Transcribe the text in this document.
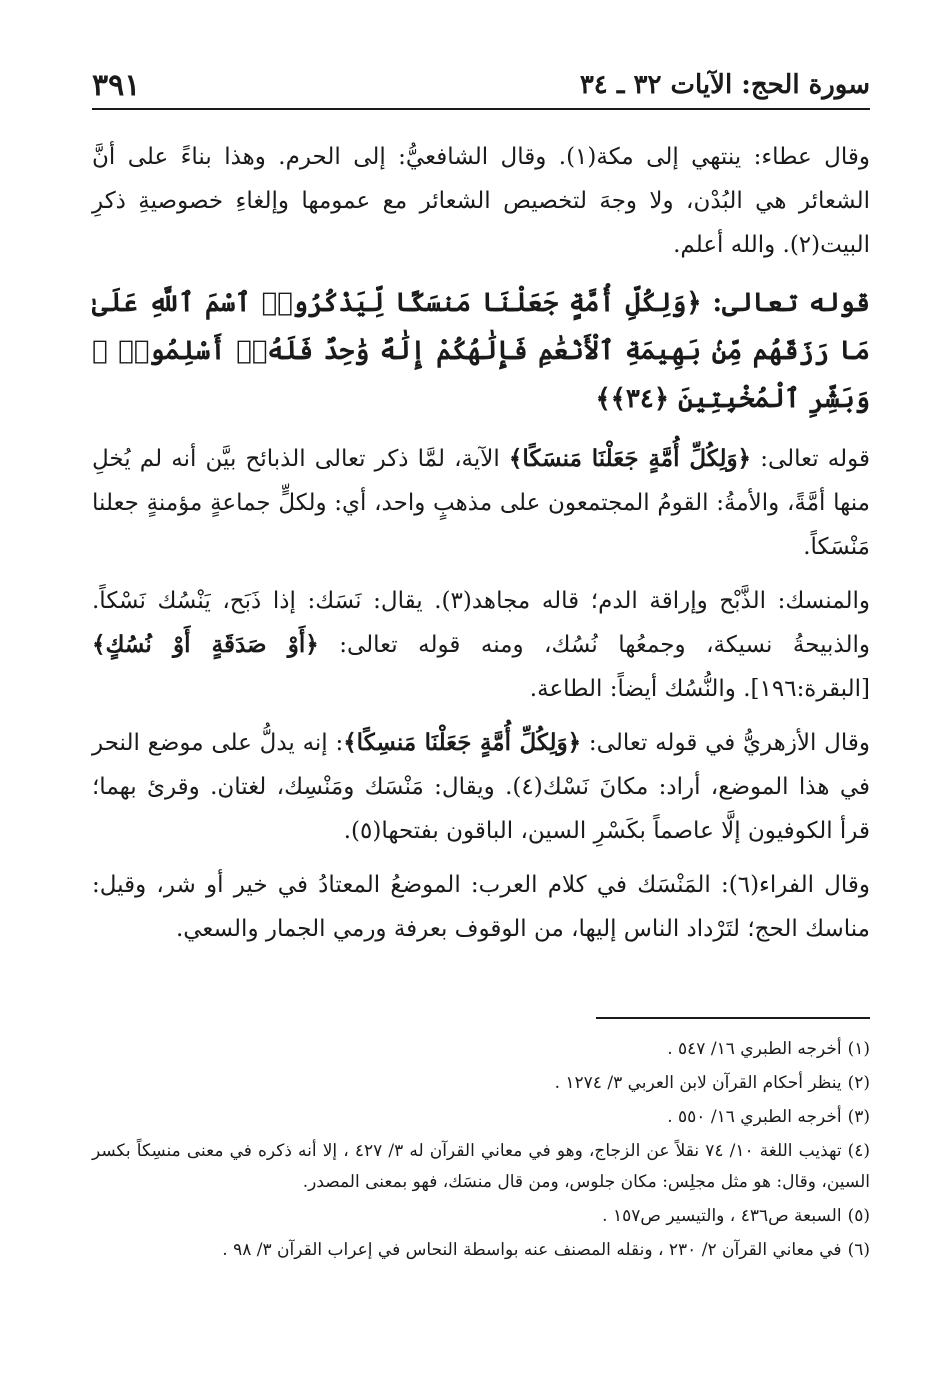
سورة الحج: الآيات ٣٢ ـ ٣٤
٣٩١

وقال عطاء: ينتهي إلى مكة(١). وقال الشافعيُّ: إلى الحرم. وهذا بناءً على أنَّ الشعائر هي البُدْن، ولا وجهَ لتخصيص الشعائر مع عمومها وإلغاءِ خصوصيةِ ذكرِ البيت(٢). والله أعلم.

قوله تعالى: ﴿وَلِكُلِّ أُمَّةٍ جَعَلْنَا مَنسَكًا لِّيَذْكُرُوا۟ ٱسْمَ ٱللَّهِ عَلَىٰ مَا رَزَقَهُم مِّنۢ بَهِيمَةِ ٱلْأَنْعَٰمِ فَإِلَٰهُكُمْ إِلَٰهٌ وَٰحِدٌ فَلَهُۥٓ أَسْلِمُوا۟ ۗ وَبَشِّرِ ٱلْمُخْبِتِينَ ﴿٣٤﴾﴾

قوله تعالى: ﴿وَلِكُلِّ أُمَّةٍ جَعَلْنَا مَنسَكًا﴾ الآية، لمَّا ذكر تعالى الذبائح بيَّن أنه لم يُخلِ منها أمَّةً، والأمةُ: القومُ المجتمعون على مذهبٍ واحد، أي: ولكلٍّ جماعةٍ مؤمنةٍ جعلنا مَنْسَكاً.

والمنسك: الذَّبْح وإراقة الدم؛ قاله مجاهد(٣). يقال: نَسَك: إذا ذَبَح، يَنْسُك نَسْكاً. والذبيحةُ نسيكة، وجمعُها نُسُك، ومنه قوله تعالى: ﴿أَوْ صَدَقَةٍ أَوْ نُسُكٍ﴾ [البقرة:١٩٦]. والنُّسُك أيضاً: الطاعة.

وقال الأزهريُّ في قوله تعالى: ﴿وَلِكُلِّ أُمَّةٍ جَعَلْنَا مَنسِكًا﴾: إنه يدلُّ على موضع النحر في هذا الموضع، أراد: مكانَ نَسْك(٤). ويقال: مَنْسَك ومَنْسِك، لغتان. وقرئ بهما؛ قرأ الكوفيون إلَّا عاصماً بكَسْرِ السين، الباقون بفتحها(٥).

وقال الفراء(٦): المَنْسَك في كلام العرب: الموضعُ المعتادُ في خير أو شر، وقيل: مناسك الحج؛ لتَرْداد الناس إليها، من الوقوف بعرفة ورمي الجمار والسعي.

(١)أخرجه الطبري ١٦/ ٥٤٧ .

(٢)ينظر أحكام القرآن لابن العربي ٣/ ١٢٧٤ .

(٣)أخرجه الطبري ١٦/ ٥٥٠ .

(٤)تهذيب اللغة ١٠/ ٧٤ نقلاً عن الزجاج، وهو في معاني القرآن له ٣/ ٤٢٧ ، إلا أنه ذكره في معنى منسِكاً بكسر السين، وقال: هو مثل مجلِس: مكان جلوس، ومن قال منسَك، فهو بمعنى المصدر.

(٥)السبعة ص٤٣٦ ، والتيسير ص١٥٧ .

(٦)في معاني القرآن ٢/ ٢٣٠ ، ونقله المصنف عنه بواسطة النحاس في إعراب القرآن ٣/ ٩٨ .
